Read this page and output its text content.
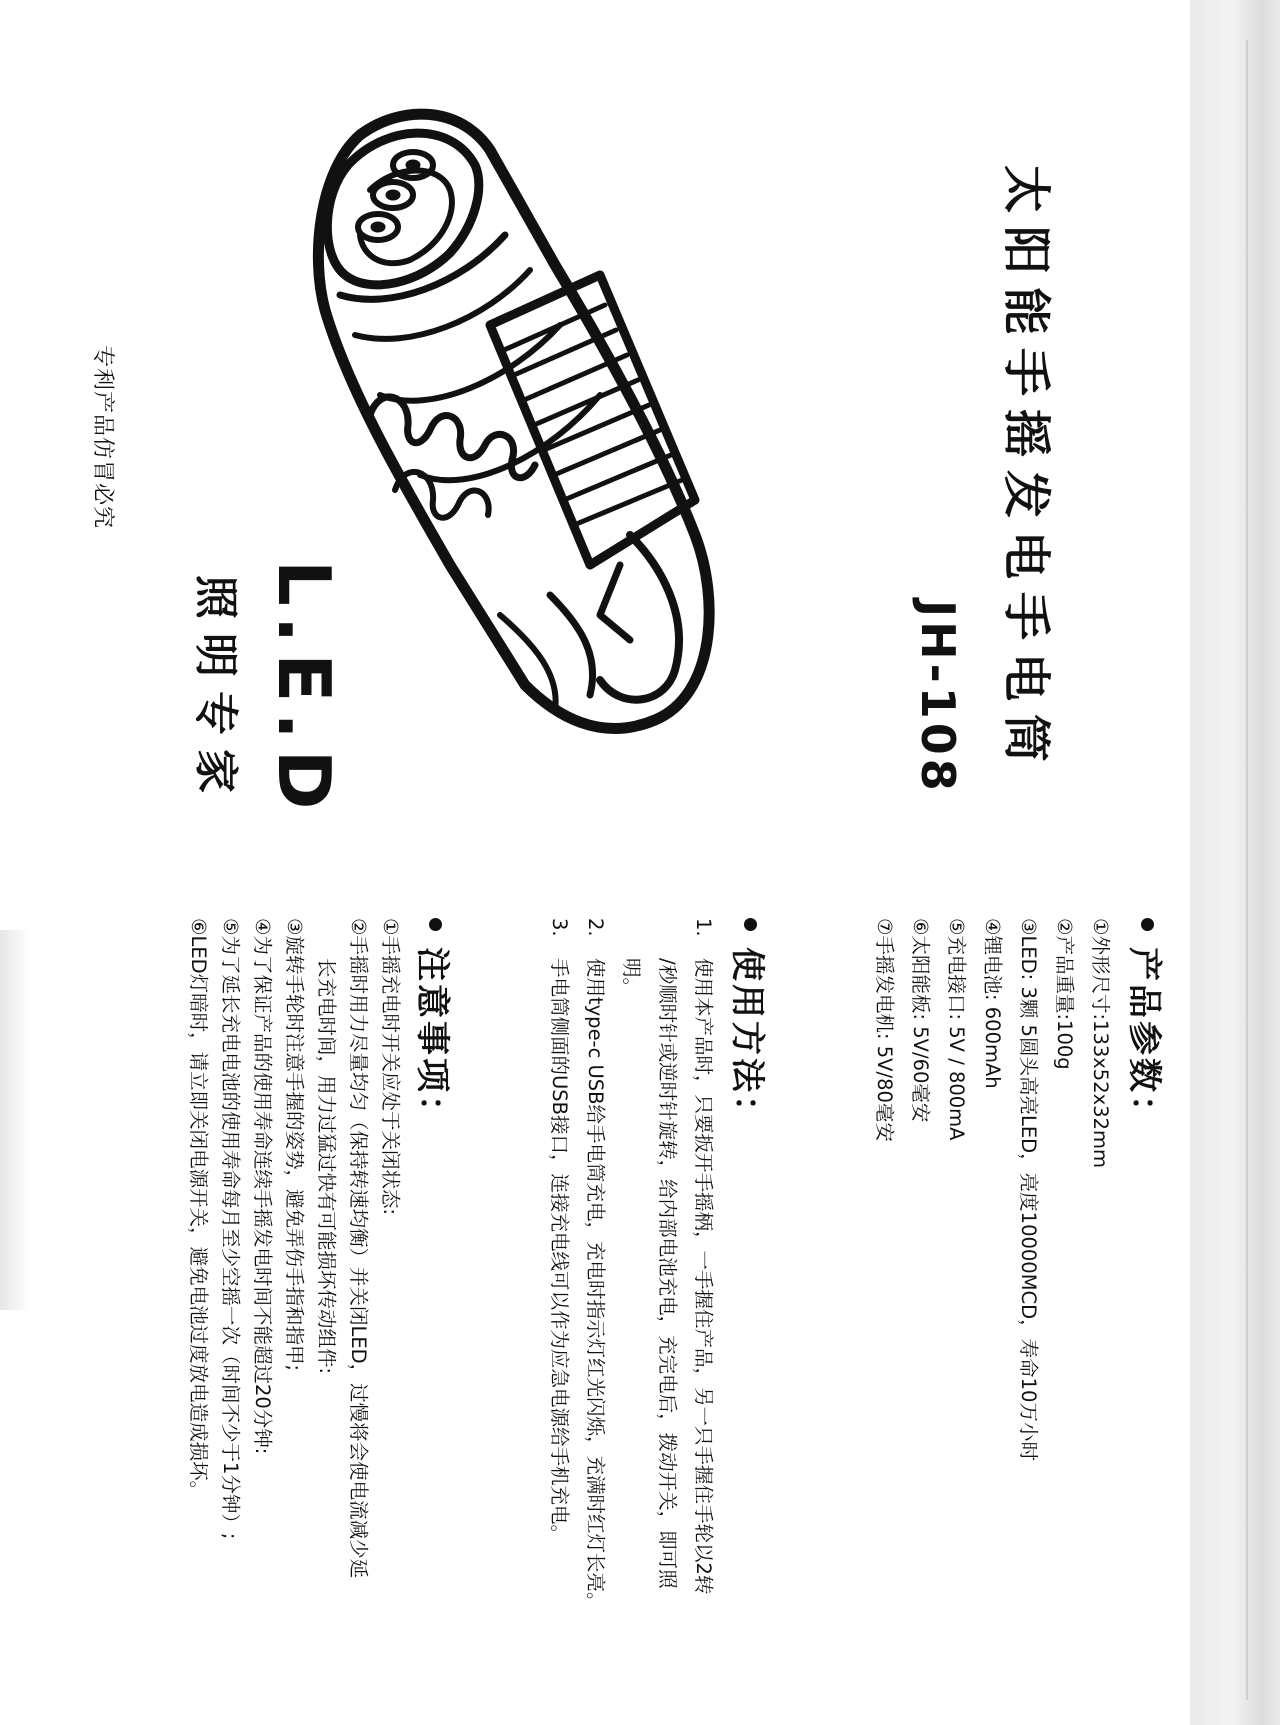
太阳能手摇发电手电筒
JH-108
L.E.D
照明专家
专利产品仿冒必究
产品参数：
①外形尺寸:133x52x32mm
②产品重量:100g
③LED: 3颗 5圆头高亮LED，亮度10000MCD，寿命10万小时
④锂电池: 600mAh
⑤充电接口: 5V / 800mA
⑥太阳能板: 5V/60毫安
⑦手摇发电机: 5V/80毫安
使用方法：
1.使用本产品时，只要扳开手摇柄，一手握住产品，另一只手握住手轮以2转
/秒顺时针或逆时针旋转，给内部电池充电，充完电后，拨动开关，即可照
明。
2.使用type-c USB给手电筒充电，充电时指示灯红光闪烁，充满时红灯长亮。
3.手电筒侧面的USB接口，连接充电线可以作为应急电源给手机充电。
注意事项：
①手摇充电时开关应处于关闭状态:
②手摇时用力尽量均匀（保持转速均衡）并关闭LED，过慢将会使电流减少延
长充电时间，用力过猛过快有可能损坏传动组件:
③旋转手轮时注意手握的姿势，避免弄伤手指和指甲;
④为了保证产品的使用寿命连续手摇发电时间不能超过20分钟:
⑤为了延长充电电池的使用寿命每月至少空摇一次（时间不少于1分钟）;
⑥LED灯暗时，请立即关闭电源开关，避免电池过度放电造成损坏。
